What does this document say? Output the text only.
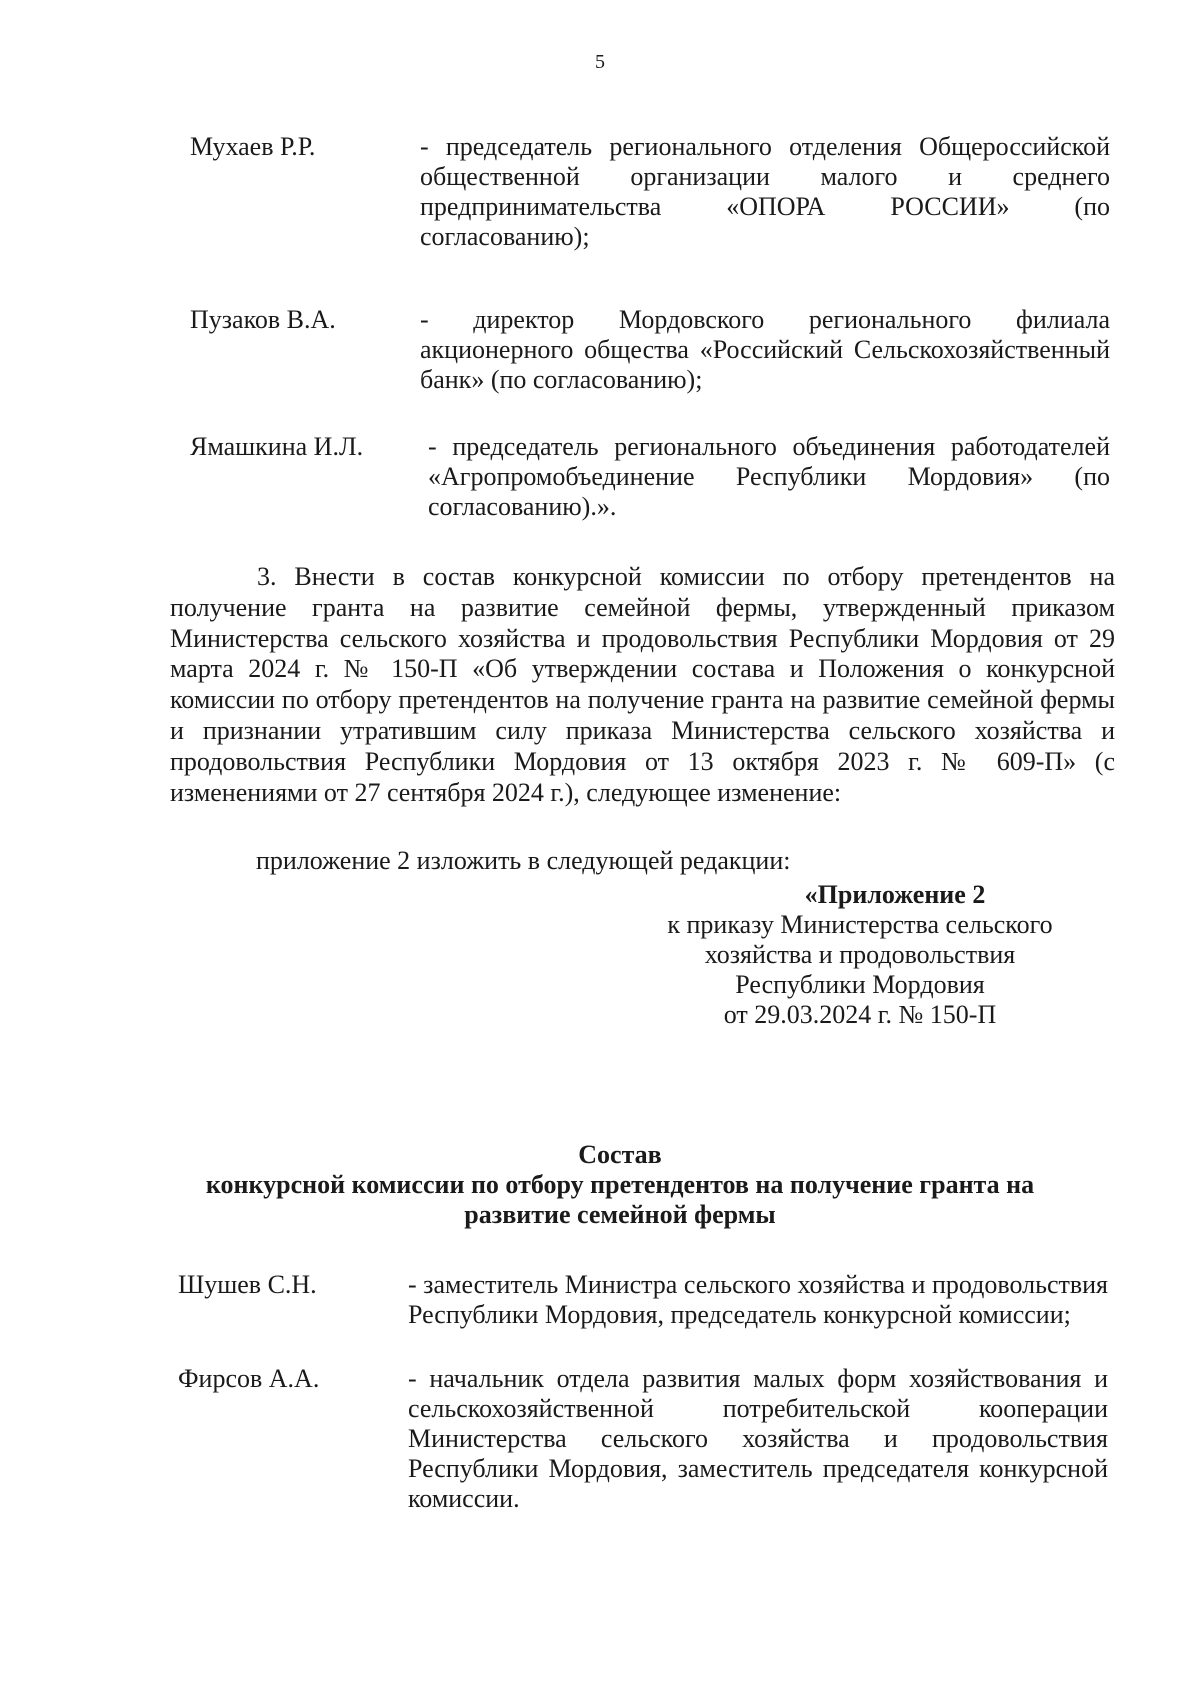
5
Мухаев Р.Р.	- председатель регионального отделения Общероссийской общественной организации малого и среднего предпринимательства «ОПОРА РОССИИ» (по согласованию);

Пузаков В.А.	- директор Мордовского регионального филиала акционерного общества «Российский Сельскохозяйственный банк» (по согласованию);

Ямашкина И.Л. - председатель регионального объединения работодателей «Агропромобъединение Республики Мордовия» (по согласованию).».

3. Внести в состав конкурсной комиссии по отбору претендентов на получение гранта на развитие семейной фермы, утвержденный приказом Министерства сельского хозяйства и продовольствия Республики Мордовия от 29 марта 2024 г. № 150-П «Об утверждении состава и Положения о конкурсной комиссии по отбору претендентов на получение гранта на развитие семейной фермы и признании утратившим силу приказа Министерства сельского хозяйства и продовольствия Республики Мордовия от 13 октября 2023 г. № 609-П» (с изменениями от 27 сентября 2024 г.), следующее изменение:

приложение 2 изложить в следующей редакции:

«Приложение 2
к приказу Министерства сельского
хозяйства и продовольствия
Республики Мордовия
от 29.03.2024 г. № 150-П
Состав
конкурсной комиссии по отбору претендентов на получение гранта на
развитие семейной фермы
Шушев С.Н.	- заместитель Министра сельского хозяйства и продовольствия Республики Мордовия, председатель конкурсной комиссии;

Фирсов А.А.	- начальник отдела развития малых форм хозяйствования и сельскохозяйственной потребительской кооперации Министерства сельского хозяйства и продовольствия Республики Мордовия, заместитель председателя конкурсной комиссии.
